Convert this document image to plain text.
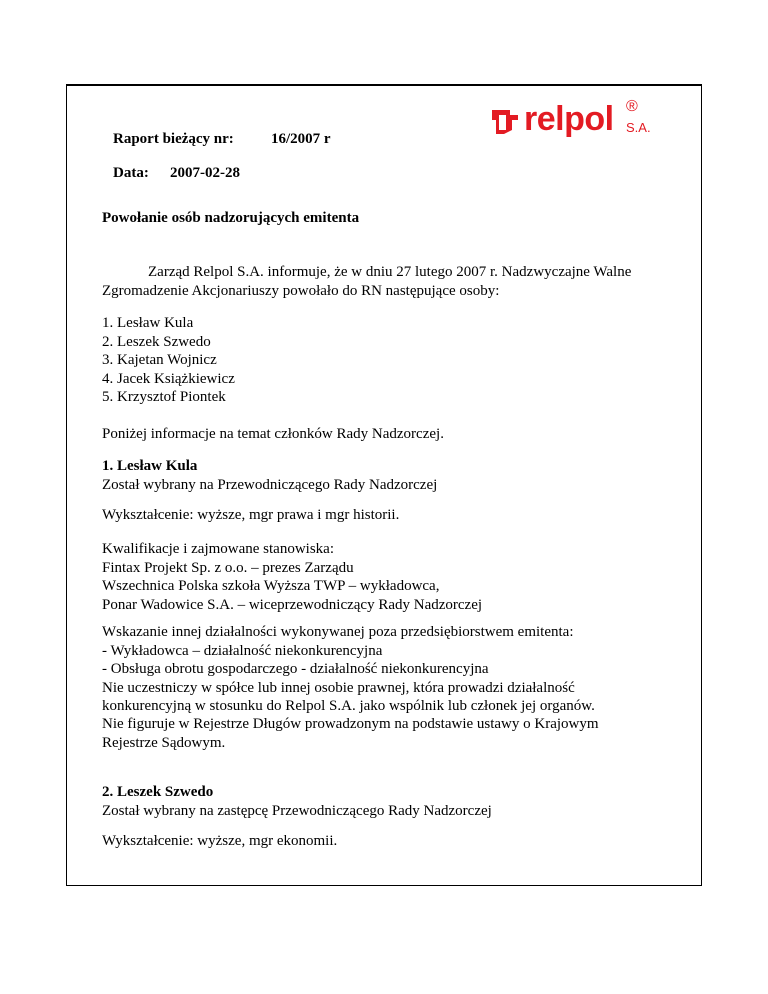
Raport bieżący nr: 16/2007 r
Data: 2007-02-28
relpol ®
S.A.
Powołanie osób nadzorujących emitenta
Zarząd Relpol S.A. informuje, że w dniu 27 lutego 2007 r. Nadzwyczajne Walne
Zgromadzenie Akcjonariuszy powołało do RN następujące osoby:
1. Lesław Kula
2. Leszek Szwedo
3. Kajetan Wojnicz
4. Jacek Książkiewicz
5. Krzysztof Piontek
Poniżej informacje na temat członków Rady Nadzorczej.
1. Lesław Kula
Został wybrany na Przewodniczącego Rady Nadzorczej
Wykształcenie: wyższe, mgr prawa i mgr historii.
Kwalifikacje i zajmowane stanowiska:
Fintax Projekt Sp. z o.o. – prezes Zarządu
Wszechnica Polska szkoła Wyższa TWP – wykładowca,
Ponar Wadowice S.A. – wiceprzewodniczący Rady Nadzorczej
Wskazanie innej działalności wykonywanej poza przedsiębiorstwem emitenta:
- Wykładowca – działalność niekonkurencyjna
- Obsługa obrotu gospodarczego - działalność niekonkurencyjna
Nie uczestniczy w spółce lub innej osobie prawnej, która prowadzi działalność
konkurencyjną w stosunku do Relpol S.A. jako wspólnik lub członek jej organów.
Nie figuruje w Rejestrze Długów prowadzonym na podstawie ustawy o Krajowym
Rejestrze Sądowym.
2. Leszek Szwedo
Został wybrany na zastępcę Przewodniczącego Rady Nadzorczej
Wykształcenie: wyższe, mgr ekonomii.
